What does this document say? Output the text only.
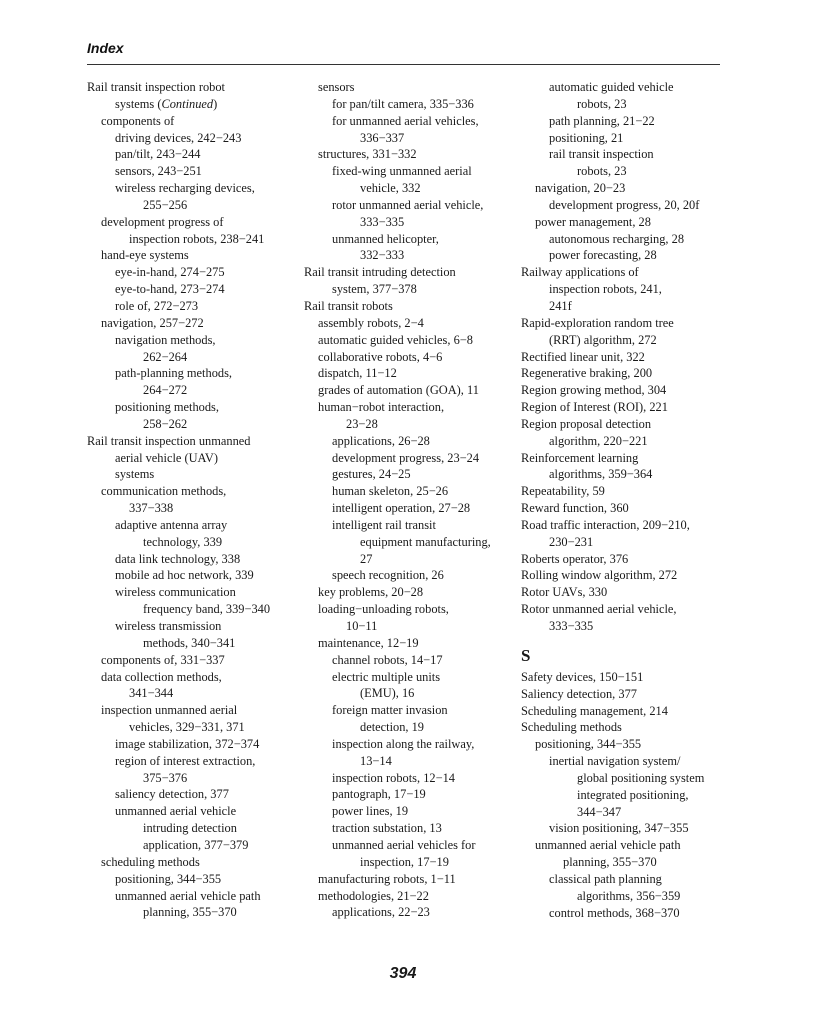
Index
Rail transit inspection robot
systems (Continued)
components of
driving devices, 242−243
pan/tilt, 243−244
sensors, 243−251
wireless recharging devices,
255−256
development progress of
inspection robots, 238−241
hand-eye systems
eye-in-hand, 274−275
eye-to-hand, 273−274
role of, 272−273
navigation, 257−272
navigation methods,
262−264
path-planning methods,
264−272
positioning methods,
258−262
Rail transit inspection unmanned
aerial vehicle (UAV)
systems
communication methods,
337−338
adaptive antenna array
technology, 339
data link technology, 338
mobile ad hoc network, 339
wireless communication
frequency band, 339−340
wireless transmission
methods, 340−341
components of, 331−337
data collection methods,
341−344
inspection unmanned aerial
vehicles, 329−331, 371
image stabilization, 372−374
region of interest extraction,
375−376
saliency detection, 377
unmanned aerial vehicle
intruding detection
application, 377−379
scheduling methods
positioning, 344−355
unmanned aerial vehicle path
planning, 355−370
sensors
for pan/tilt camera, 335−336
for unmanned aerial vehicles,
336−337
structures, 331−332
fixed-wing unmanned aerial
vehicle, 332
rotor unmanned aerial vehicle,
333−335
unmanned helicopter,
332−333
Rail transit intruding detection
system, 377−378
Rail transit robots
assembly robots, 2−4
automatic guided vehicles, 6−8
collaborative robots, 4−6
dispatch, 11−12
grades of automation (GOA), 11
human−robot interaction,
23−28
applications, 26−28
development progress, 23−24
gestures, 24−25
human skeleton, 25−26
intelligent operation, 27−28
intelligent rail transit
equipment manufacturing,
27
speech recognition, 26
key problems, 20−28
loading−unloading robots,
10−11
maintenance, 12−19
channel robots, 14−17
electric multiple units
(EMU), 16
foreign matter invasion
detection, 19
inspection along the railway,
13−14
inspection robots, 12−14
pantograph, 17−19
power lines, 19
traction substation, 13
unmanned aerial vehicles for
inspection, 17−19
manufacturing robots, 1−11
methodologies, 21−22
applications, 22−23
automatic guided vehicle
robots, 23
path planning, 21−22
positioning, 21
rail transit inspection
robots, 23
navigation, 20−23
development progress, 20, 20f
power management, 28
autonomous recharging, 28
power forecasting, 28
Railway applications of
inspection robots, 241,
241f
Rapid-exploration random tree
(RRT) algorithm, 272
Rectified linear unit, 322
Regenerative braking, 200
Region growing method, 304
Region of Interest (ROI), 221
Region proposal detection
algorithm, 220−221
Reinforcement learning
algorithms, 359−364
Repeatability, 59
Reward function, 360
Road traffic interaction, 209−210,
230−231
Roberts operator, 376
Rolling window algorithm, 272
Rotor UAVs, 330
Rotor unmanned aerial vehicle,
333−335
S
Safety devices, 150−151
Saliency detection, 377
Scheduling management, 214
Scheduling methods
positioning, 344−355
inertial navigation system/
global positioning system
integrated positioning,
344−347
vision positioning, 347−355
unmanned aerial vehicle path
planning, 355−370
classical path planning
algorithms, 356−359
control methods, 368−370
394
